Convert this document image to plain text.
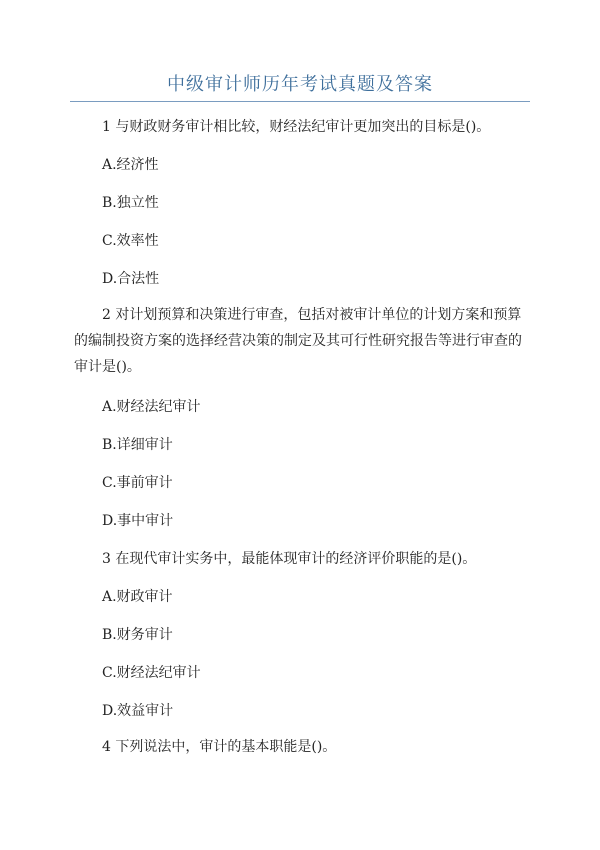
中级审计师历年考试真题及答案
1 与财政财务审计相比较，财经法纪审计更加突出的目标是()。
A.经济性
B.独立性
C.效率性
D.合法性
2 对计划预算和决策进行审查，包括对被审计单位的计划方案和预算
的编制投资方案的选择经营决策的制定及其可行性研究报告等进行审查的
审计是()。
A.财经法纪审计
B.详细审计
C.事前审计
D.事中审计
3 在现代审计实务中，最能体现审计的经济评价职能的是()。
A.财政审计
B.财务审计
C.财经法纪审计
D.效益审计
4 下列说法中，审计的基本职能是()。
